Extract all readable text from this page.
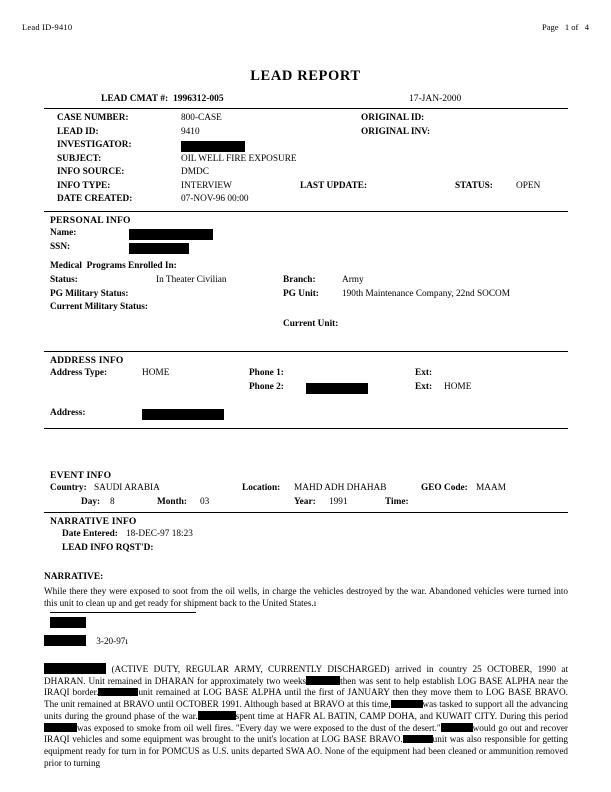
Lead ID-9410	Page   1 of   4
LEAD REPORT
LEAD CMAT #:  1996312-005	17-JAN-2000
CASE NUMBER:	800-CASE	ORIGINAL ID:
LEAD ID:	9410	ORIGINAL INV:
INVESTIGATOR:
SUBJECT:	OIL WELL FIRE EXPOSURE
INFO SOURCE:	DMDC
INFO TYPE:	INTERVIEW	LAST UPDATE:	STATUS: OPEN
DATE CREATED:	07-NOV-96 00:00
PERSONAL INFO
Name:
SSN:
Medical  Programs Enrolled In:
Status:	In Theater Civilian	Branch:	Army
PG Military Status:	PG Unit: 190th Maintenance Company, 22nd SOCOM
Current Military Status:
Current Unit:
ADDRESS INFO
Address Type:	HOME	Phone 1:	Ext:
Phone 2:	Ext: HOME
Address:
EVENT INFO
Country: SAUDI ARABIA	Location: MAHD ADH DHAHAB	GEO Code: MAAM
Day: 8	Month: 03	Year: 1991	Time:
NARRATIVE INFO
Date Entered: 18-DEC-97 18:23
LEAD INFO RQST'D:
NARRATIVE:

While there they were exposed to soot from the oil wells, in charge the vehicles destroyed by the war. Abandoned vehicles were turned into this unit to clean up and get ready for shipment back to the United States.ı

3-20-97ı
(ACTIVE DUTY, REGULAR ARMY, CURRENTLY DISCHARGED) arrived in country 25 OCTOBER, 1990 at DHARAN. Unit remained in DHARAN for approximately two weeks	then was sent to help establish LOG BASE ALPHA near the IRAQI border.	unit remained at LOG BASE ALPHA until the first of JANUARY then they move them to LOG BASE BRAVO. The unit remained at BRAVO until OCTOBER 1991. Although based at BRAVO at this time,	was tasked to support all the advancing units during the ground phase of the war.	spent time at HAFR AL BATIN, CAMP DOHA, and KUWAIT CITY. During this periodwas exposed to smoke from oil well fires. "Every day we were exposed to the dust of the desert."	would go out and recover IRAQI vehicles and some equipment was brought to the unit's location at LOG BASE BRAVO.	unit was also responsible for getting equipment ready for turn in for POMCUS as U.S. units departed SWA AO. None of the equipment had been cleaned or ammunition removed prior to turning
